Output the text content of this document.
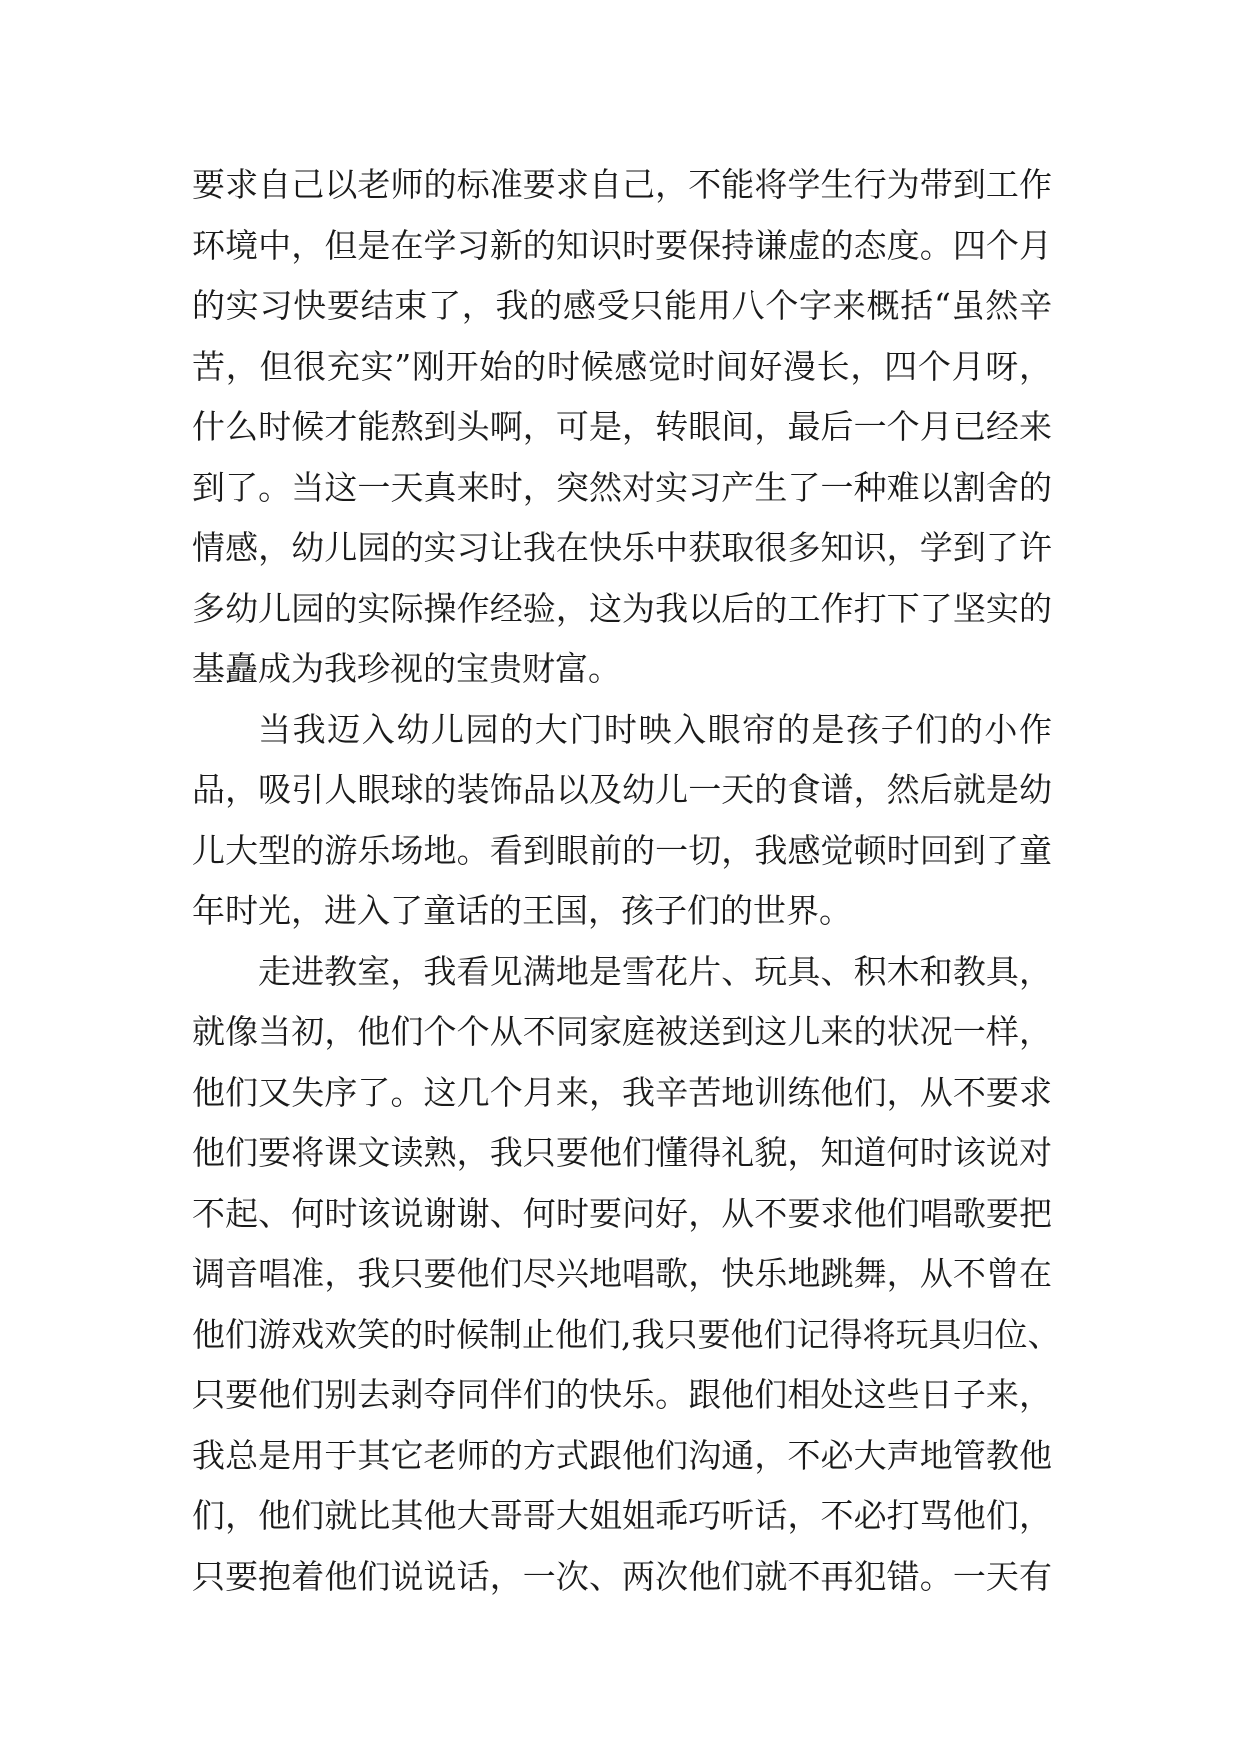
要求自己以老师的标准要求自己，不能将学生行为带到工作
环境中，但是在学习新的知识时要保持谦虚的态度。四个月
的实习快要结束了，我的感受只能用八个字来概括“虽然辛
苦，但很充实”刚开始的时候感觉时间好漫长，四个月呀，
什么时候才能熬到头啊，可是，转眼间，最后一个月已经来
到了。当这一天真来时，突然对实习产生了一种难以割舍的
情感，幼儿园的实习让我在快乐中获取很多知识，学到了许
多幼儿园的实际操作经验，这为我以后的工作打下了坚实的
基矗成为我珍视的宝贵财富。
当我迈入幼儿园的大门时映入眼帘的是孩子们的小作
品，吸引人眼球的装饰品以及幼儿一天的食谱，然后就是幼
儿大型的游乐场地。看到眼前的一切，我感觉顿时回到了童
年时光，进入了童话的王国，孩子们的世界。
走进教室，我看见满地是雪花片、玩具、积木和教具，
就像当初，他们个个从不同家庭被送到这儿来的状况一样，
他们又失序了。这几个月来，我辛苦地训练他们，从不要求
他们要将课文读熟，我只要他们懂得礼貌，知道何时该说对
不起、何时该说谢谢、何时要问好，从不要求他们唱歌要把
调音唱准，我只要他们尽兴地唱歌，快乐地跳舞，从不曾在
他们游戏欢笑的时候制止他们,我只要他们记得将玩具归位、
只要他们别去剥夺同伴们的快乐。跟他们相处这些日子来，
我总是用于其它老师的方式跟他们沟通，不必大声地管教他
们，他们就比其他大哥哥大姐姐乖巧听话，不必打骂他们，
只要抱着他们说说话，一次、两次他们就不再犯错。一天有
